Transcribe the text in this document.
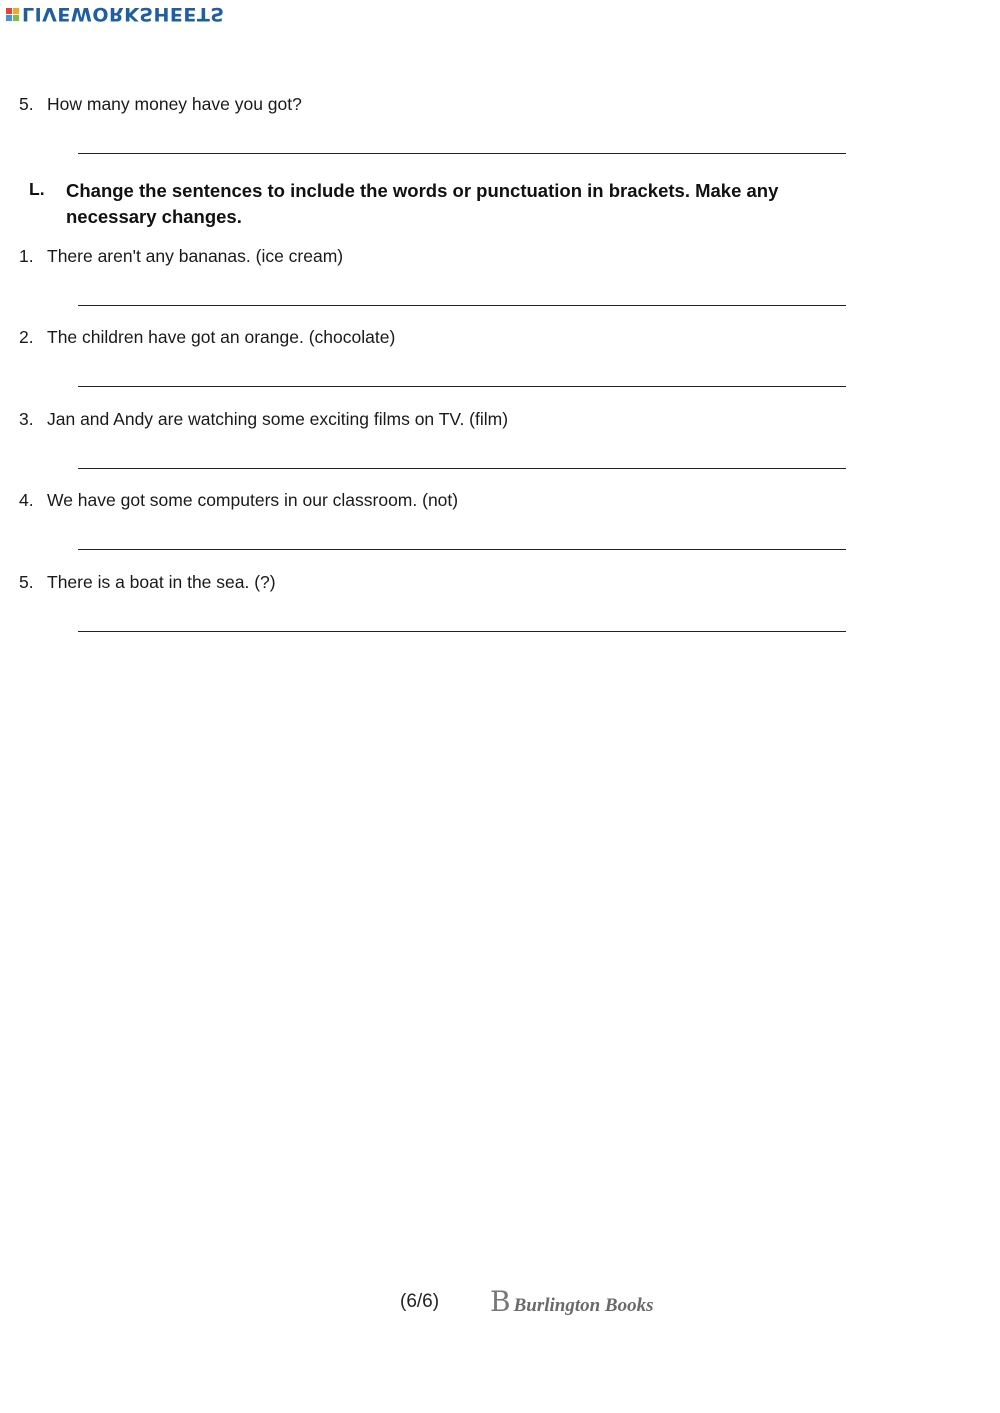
LIVEWORKSHEETS
5. How many money have you got?
L. Change the sentences to include the words or punctuation in brackets. Make any necessary changes.
1. There aren't any bananas. (ice cream)
2. The children have got an orange. (chocolate)
3. Jan and Andy are watching some exciting films on TV. (film)
4. We have got some computers in our classroom. (not)
5. There is a boat in the sea. (?)
(6/6) B Burlington Books
